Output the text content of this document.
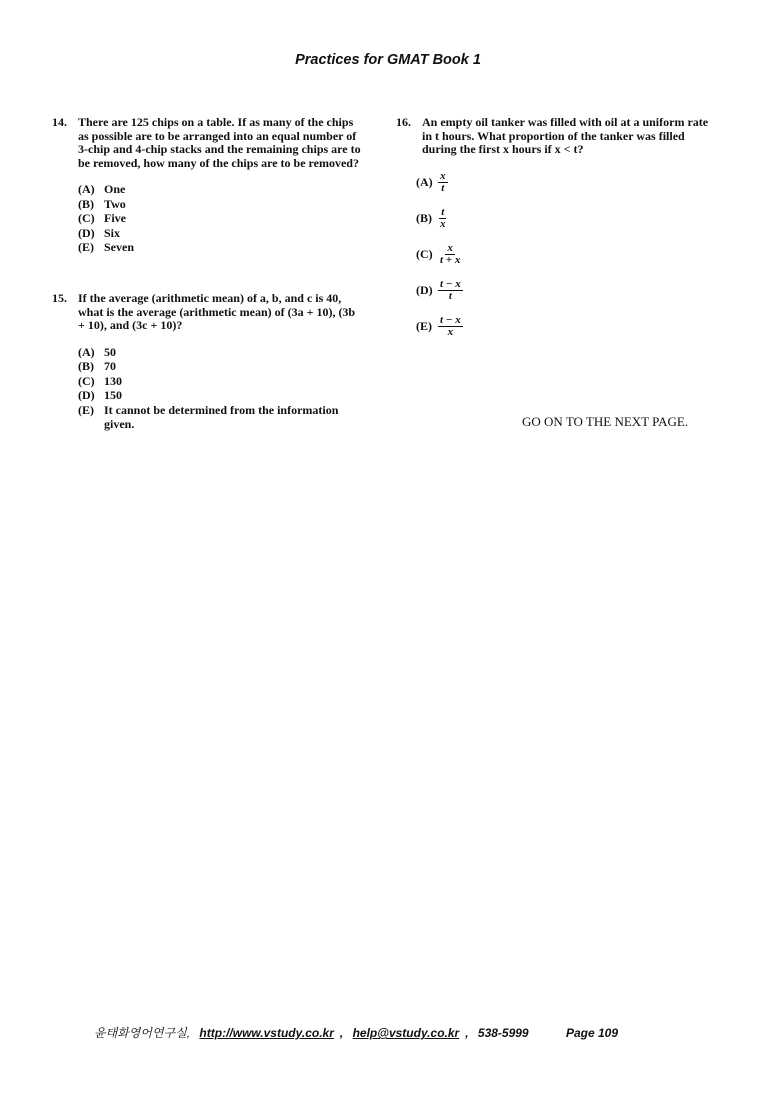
Practices for GMAT Book 1
14. There are 125 chips on a table. If as many of the chips as possible are to be arranged into an equal number of 3-chip and 4-chip stacks and the remaining chips are to be removed, how many of the chips are to be removed?
(A) One
(B) Two
(C) Five
(D) Six
(E) Seven
15. If the average (arithmetic mean) of a, b, and c is 40, what is the average (arithmetic mean) of (3a + 10), (3b + 10), and (3c + 10)?
(A) 50
(B) 70
(C) 130
(D) 150
(E) It cannot be determined from the information given.
16. An empty oil tanker was filled with oil at a uniform rate in t hours. What proportion of the tanker was filled during the first x hours if x < t?
$(A) \frac{x}{t}$
$(B) \frac{t}{x}$
$(C) \frac{x}{t + x}$
$(D) \frac{t - x}{t}$
$(E) \frac{t - x}{x}$
GO ON TO THE NEXT PAGE.
윤태화영어연구실, http://www.vstudy.co.kr , help@vstudy.co.kr , 538-5999	Page 109
